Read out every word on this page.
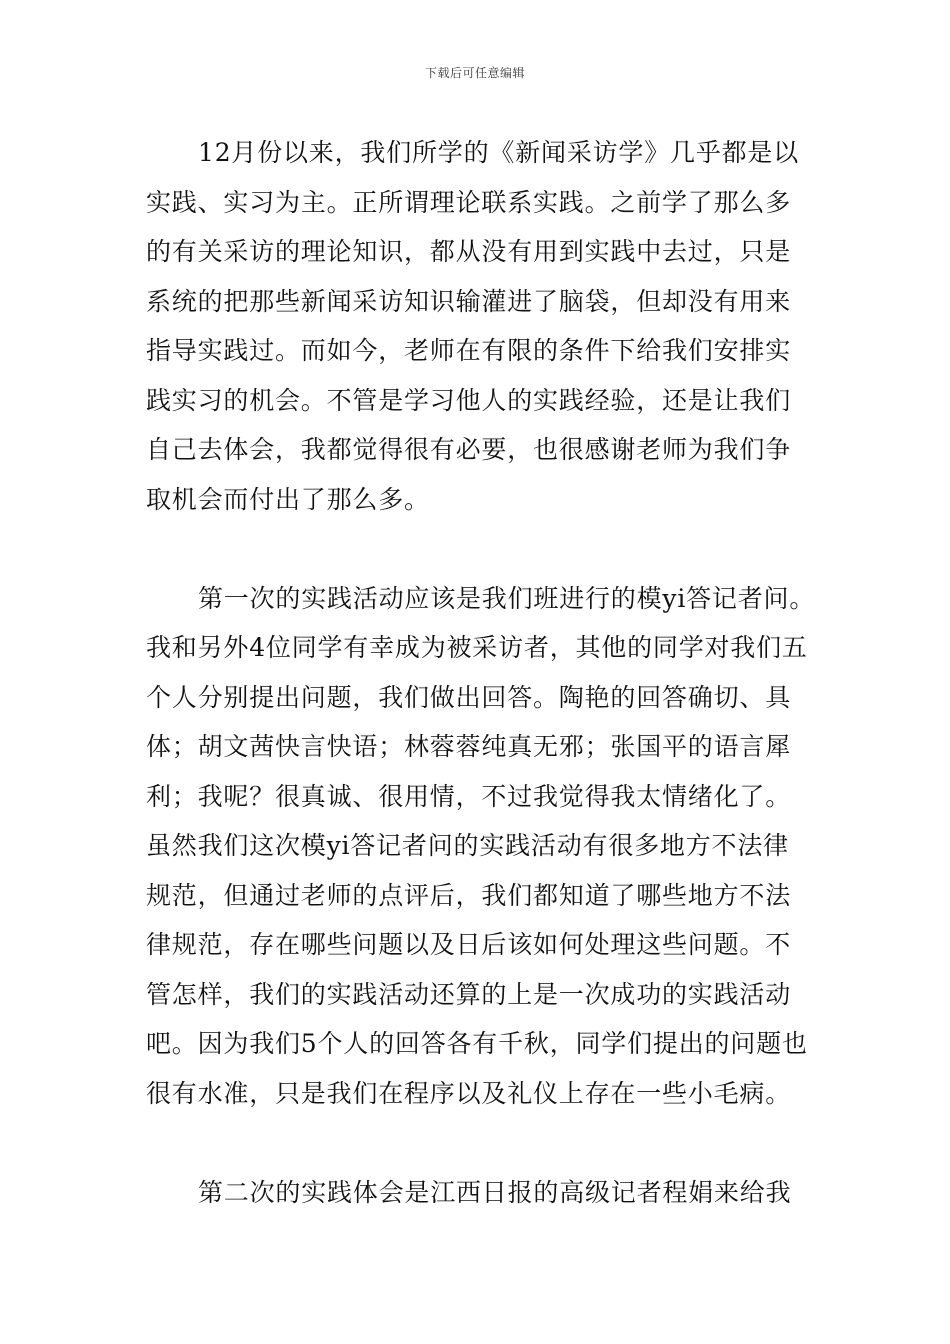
下载后可任意编辑
12月份以来，我们所学的《新闻采访学》几乎都是以
实践、实习为主。正所谓理论联系实践。之前学了那么多
的有关采访的理论知识，都从没有用到实践中去过，只是
系统的把那些新闻采访知识输灌进了脑袋，但却没有用来
指导实践过。而如今，老师在有限的条件下给我们安排实
践实习的机会。不管是学习他人的实践经验，还是让我们
自己去体会，我都觉得很有必要，也很感谢老师为我们争
取机会而付出了那么多。
第一次的实践活动应该是我们班进行的模yi答记者问。
我和另外4位同学有幸成为被采访者，其他的同学对我们五
个人分别提出问题，我们做出回答。陶艳的回答确切、具
体；胡文茜快言快语；林蓉蓉纯真无邪；张国平的语言犀
利；我呢？很真诚、很用情，不过我觉得我太情绪化了。
虽然我们这次模yi答记者问的实践活动有很多地方不法律
规范，但通过老师的点评后，我们都知道了哪些地方不法
律规范，存在哪些问题以及日后该如何处理这些问题。不
管怎样，我们的实践活动还算的上是一次成功的实践活动
吧。因为我们5个人的回答各有千秋，同学们提出的问题也
很有水准，只是我们在程序以及礼仪上存在一些小毛病。
第二次的实践体会是江西日报的高级记者程娟来给我
